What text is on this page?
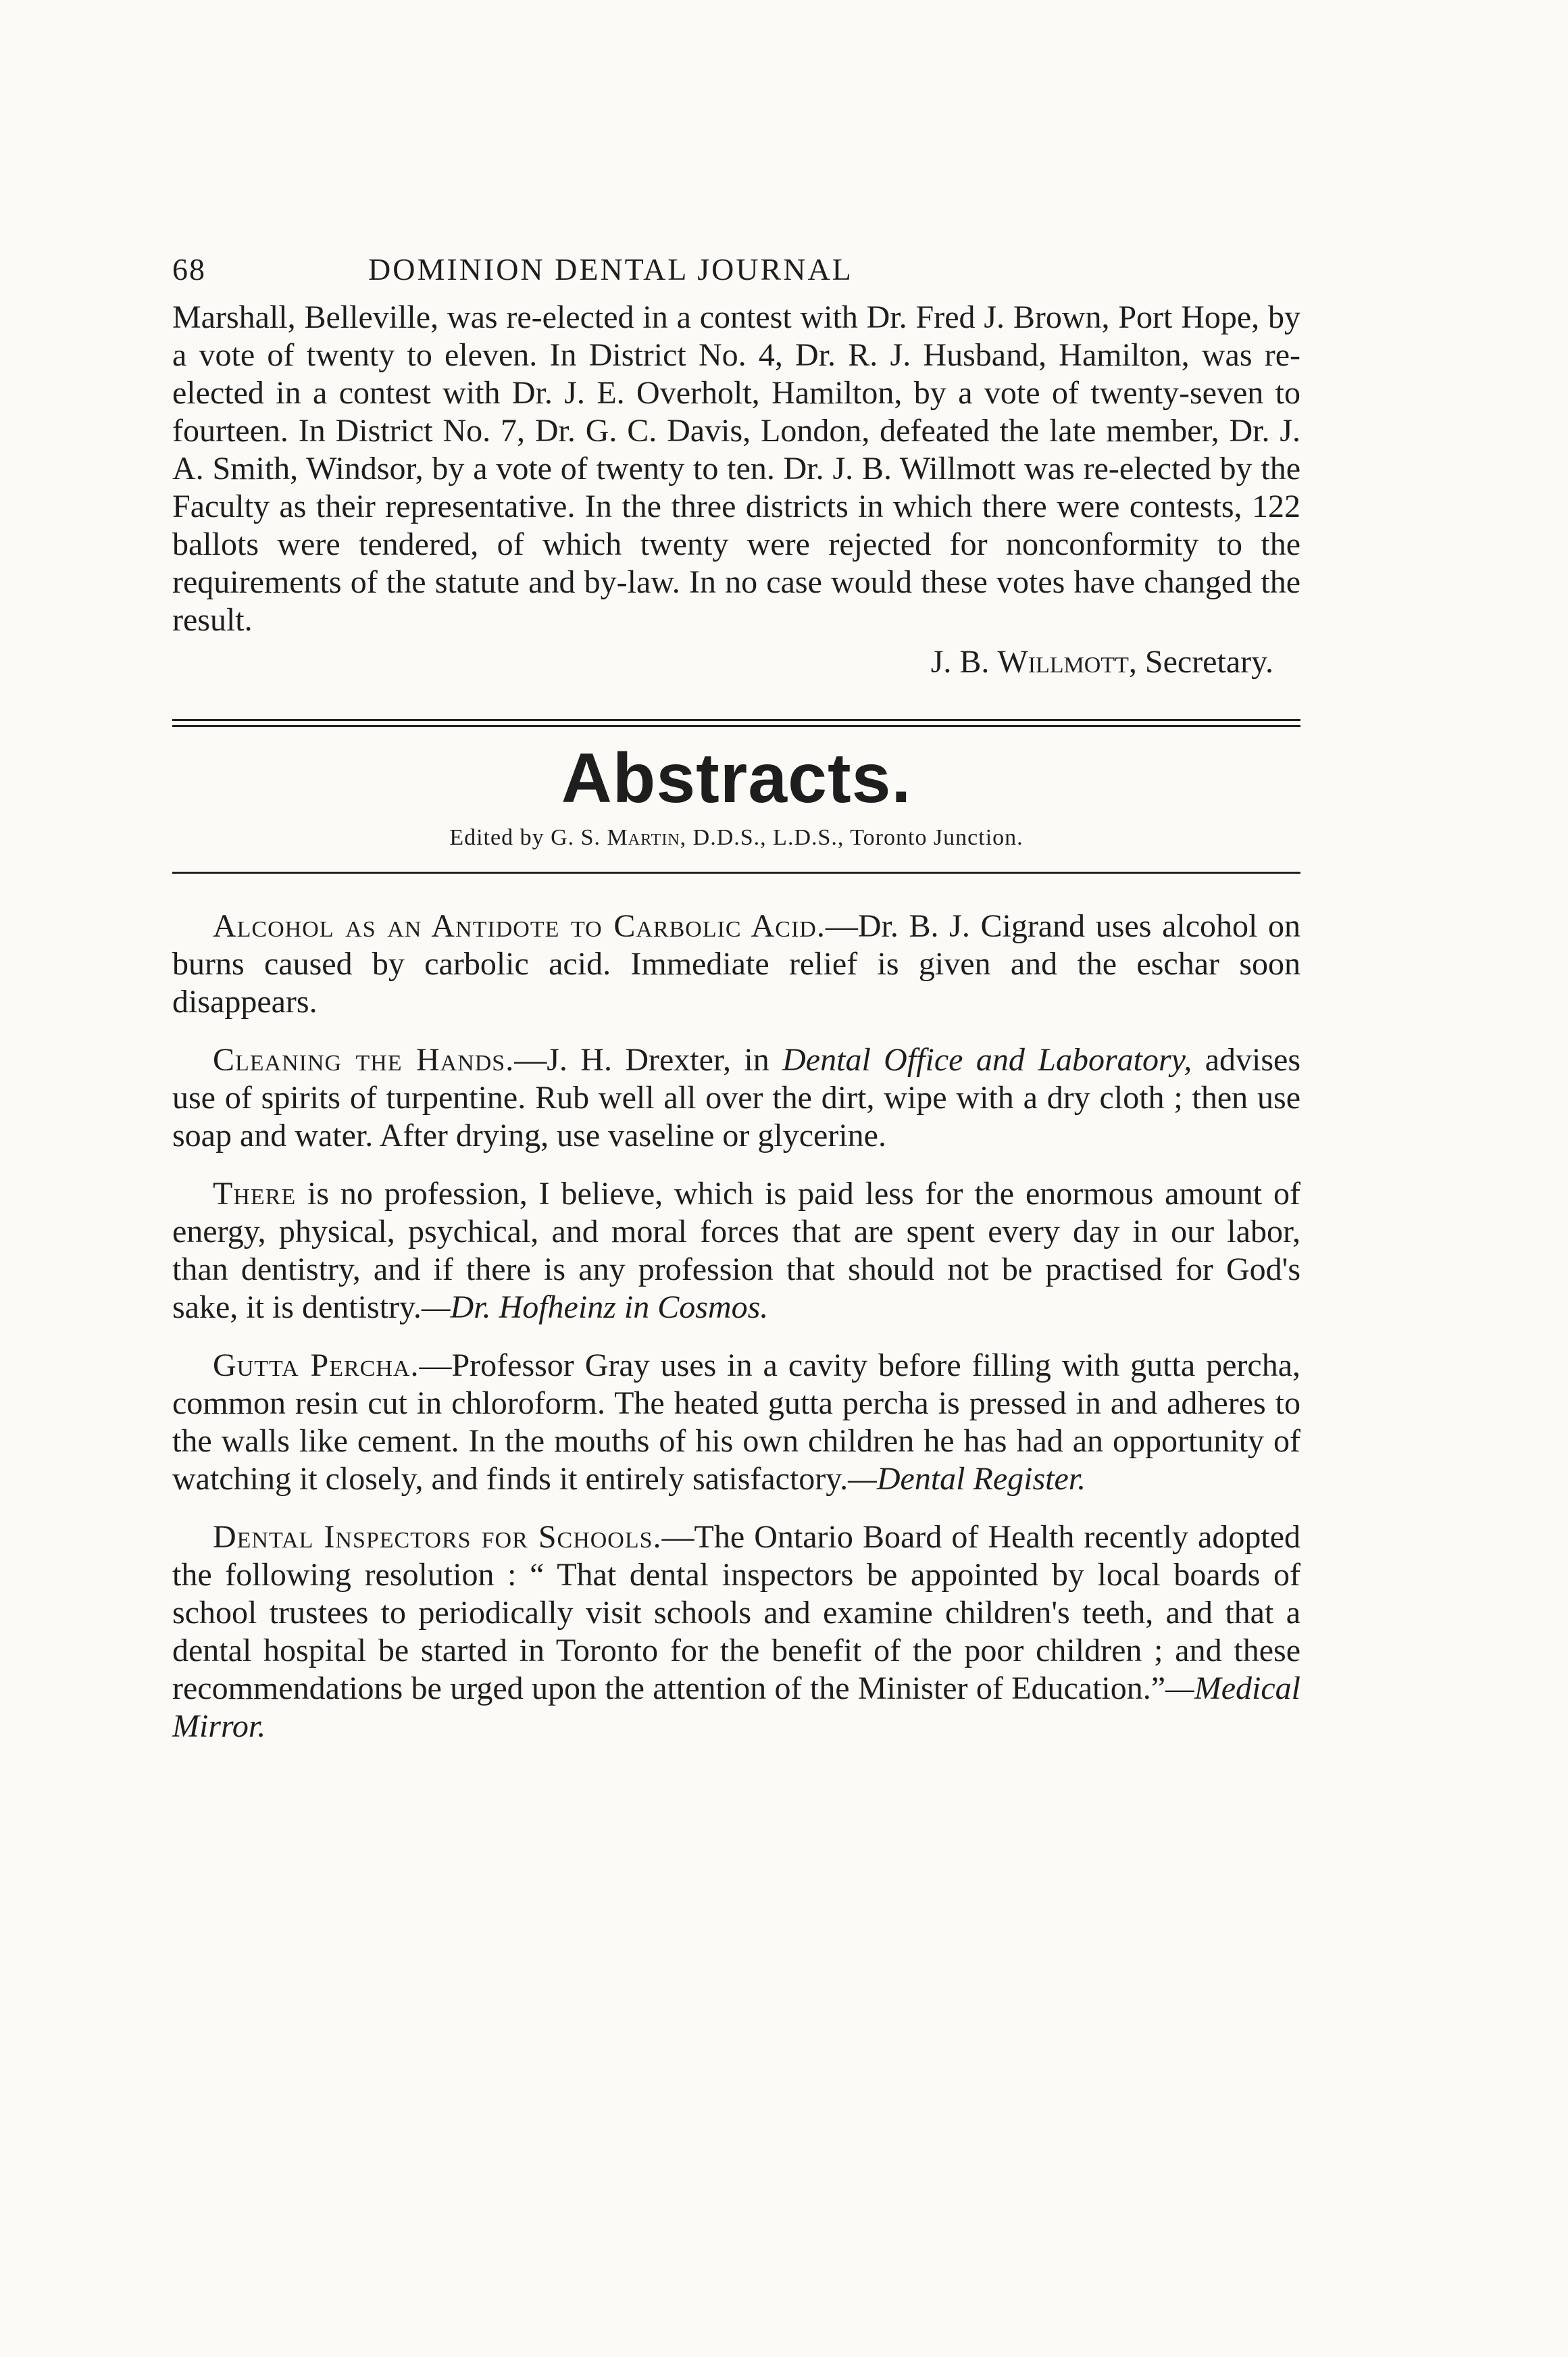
68	DOMINION DENTAL JOURNAL

Marshall, Belleville, was re-elected in a contest with Dr. Fred J. Brown, Port Hope, by a vote of twenty to eleven. In District No. 4, Dr. R. J. Husband, Hamilton, was re-elected in a contest with Dr. J. E. Overholt, Hamilton, by a vote of twenty-seven to fourteen. In District No. 7, Dr. G. C. Davis, London, defeated the late member, Dr. J. A. Smith, Windsor, by a vote of twenty to ten. Dr. J. B. Willmott was re-elected by the Faculty as their representative. In the three districts in which there were contests, 122 ballots were tendered, of which twenty were rejected for nonconformity to the requirements of the statute and by-law. In no case would these votes have changed the result.

J. B. Willmott, Secretary.
Abstracts.
Edited by G. S. Martin, D.D.S., L.D.S., Toronto Junction.

Alcohol as an Antidote to Carbolic Acid.—Dr. B. J. Cigrand uses alcohol on burns caused by carbolic acid. Immediate relief is given and the eschar soon disappears.

Cleaning the Hands.—J. H. Drexter, in Dental Office and Laboratory, advises use of spirits of turpentine. Rub well all over the dirt, wipe with a dry cloth ; then use soap and water. After drying, use vaseline or glycerine.

There is no profession, I believe, which is paid less for the enormous amount of energy, physical, psychical, and moral forces that are spent every day in our labor, than dentistry, and if there is any profession that should not be practised for God's sake, it is dentistry.—Dr. Hofheinz in Cosmos.

Gutta Percha.—Professor Gray uses in a cavity before filling with gutta percha, common resin cut in chloroform. The heated gutta percha is pressed in and adheres to the walls like cement. In the mouths of his own children he has had an opportunity of watching it closely, and finds it entirely satisfactory.—Dental Register.

Dental Inspectors for Schools.—The Ontario Board of Health recently adopted the following resolution : “ That dental inspectors be appointed by local boards of school trustees to periodically visit schools and examine children's teeth, and that a dental hospital be started in Toronto for the benefit of the poor children ; and these recommendations be urged upon the attention of the Minister of Education.”—Medical Mirror.
